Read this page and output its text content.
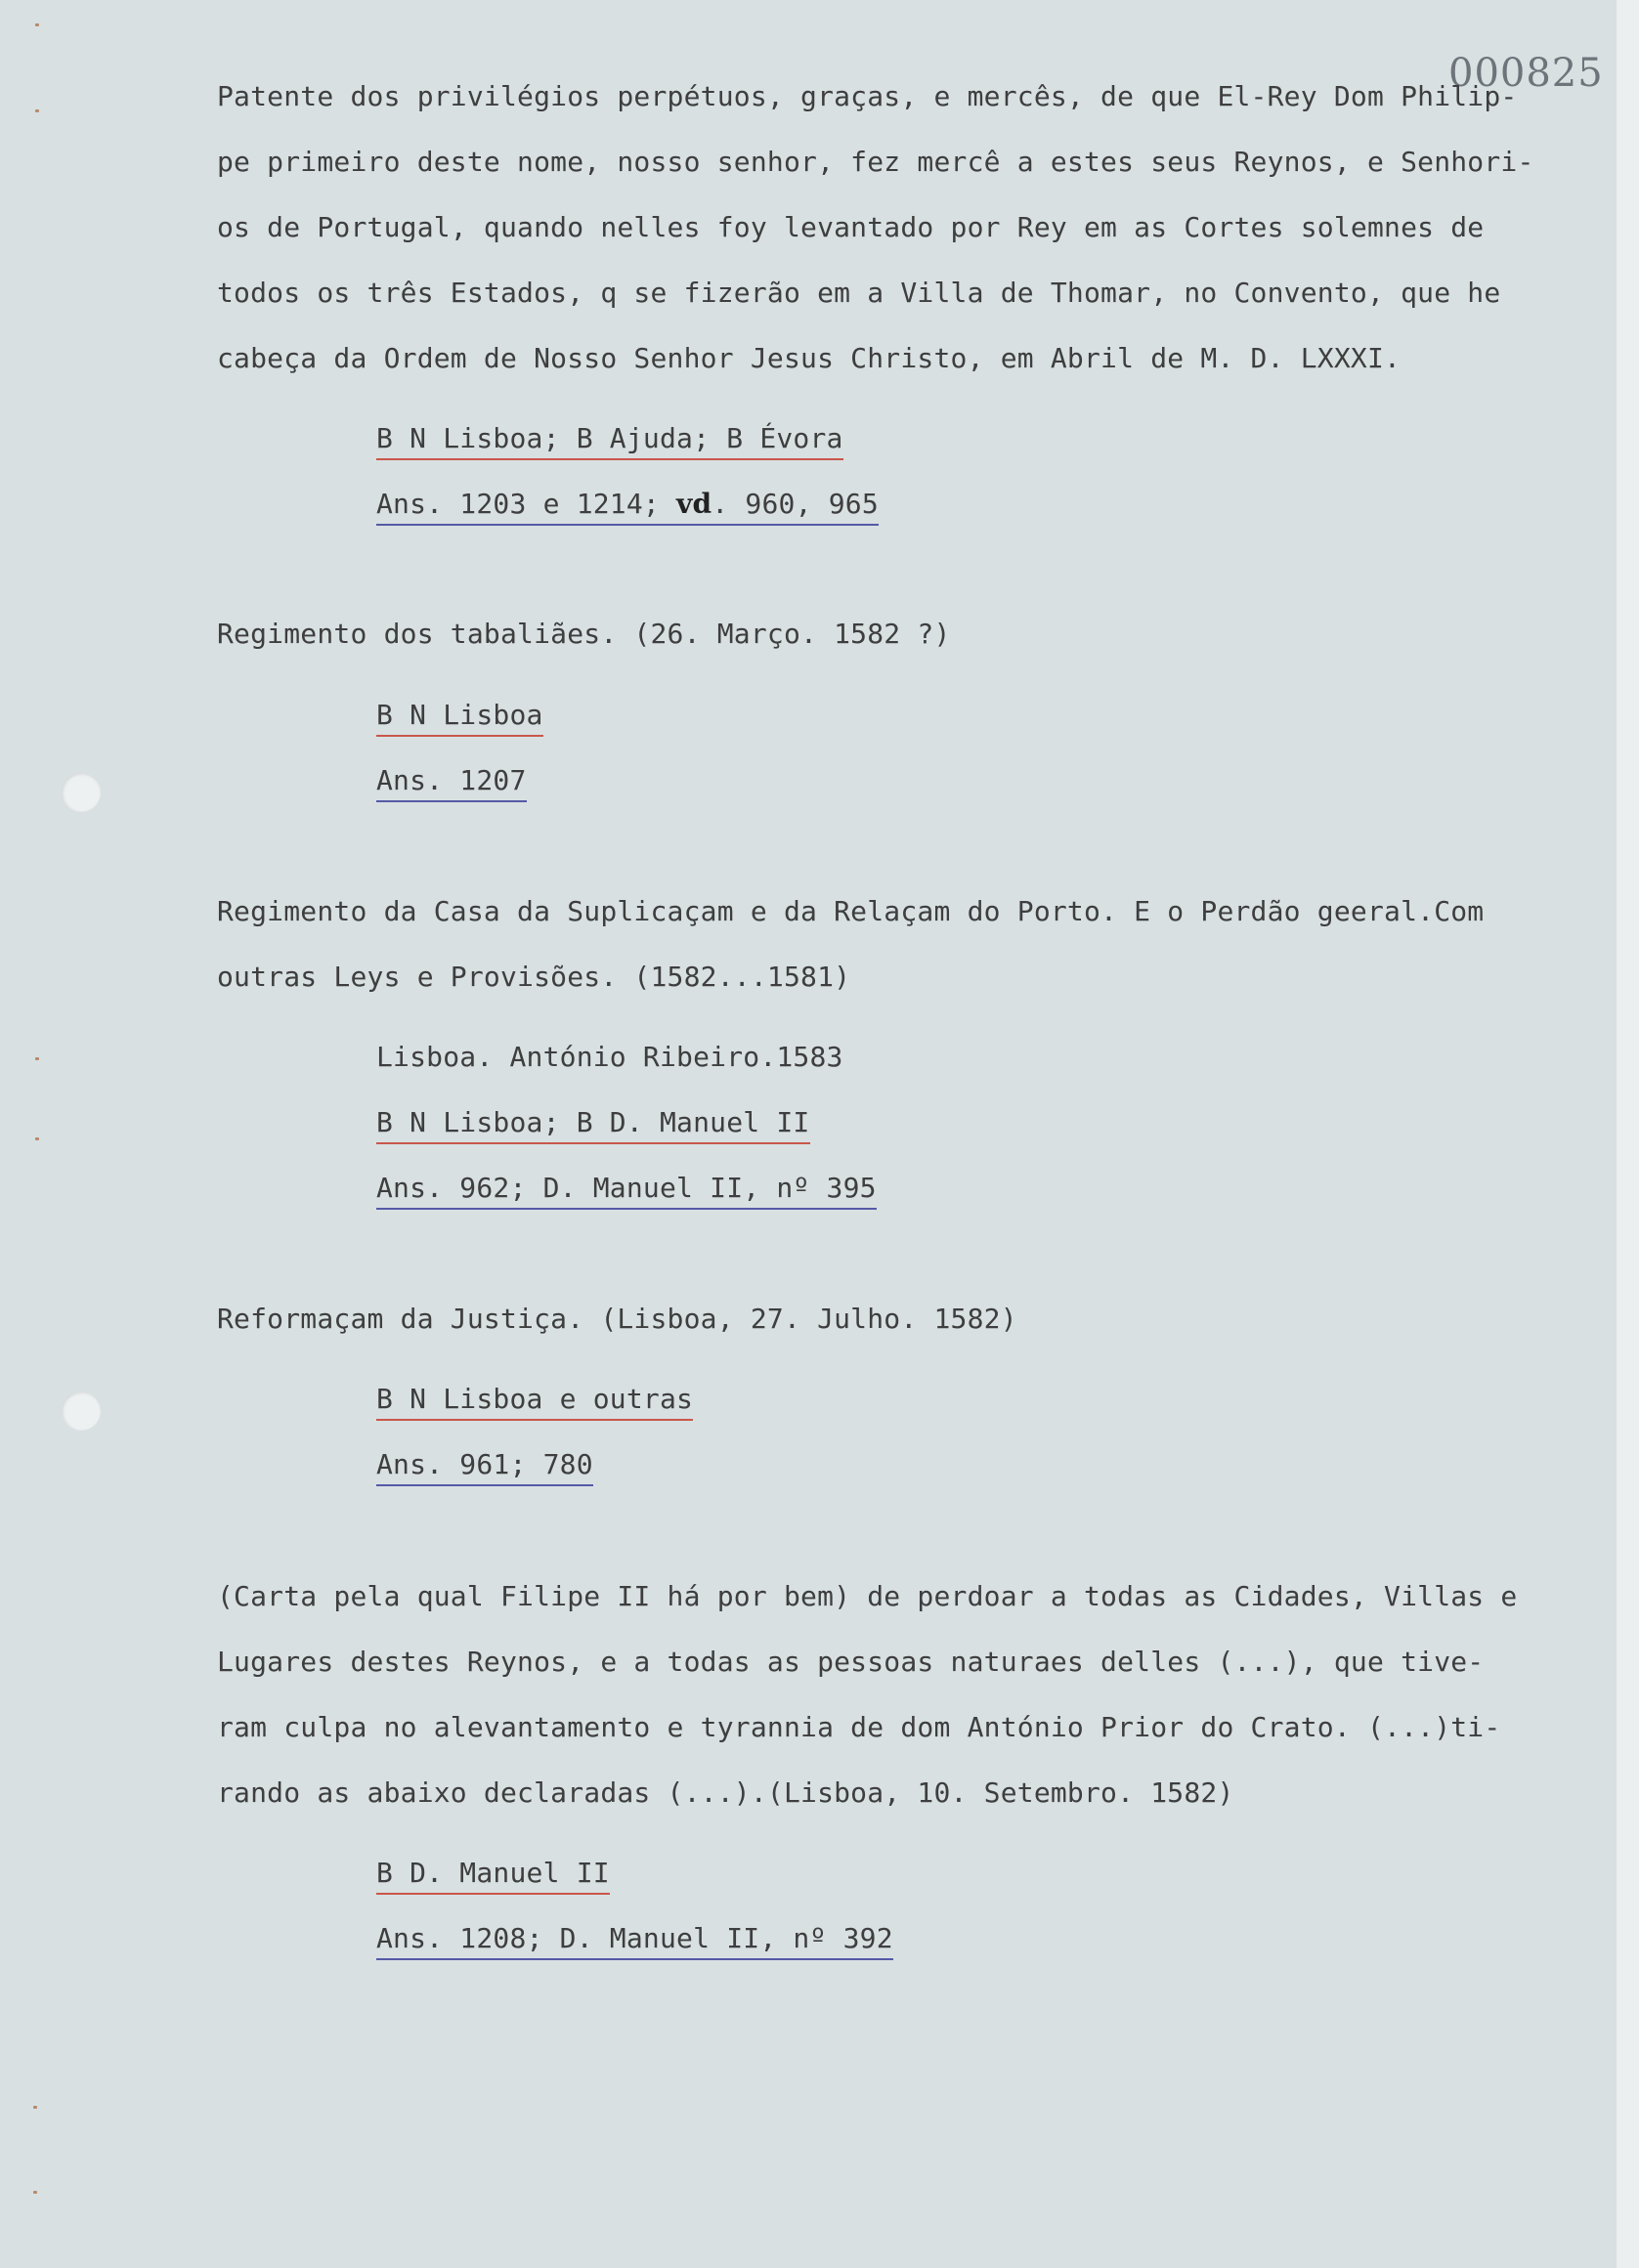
000825

Patente dos privilégios perpétuos, graças, e mercês, de que El-Rey Dom Philip-

pe primeiro deste nome, nosso senhor, fez mercê a estes seus Reynos, e Senhori-

os de Portugal, quando nelles foy levantado por Rey em as Cortes solemnes de

todos os três Estados, q se fizerão em a Villa de Thomar, no Convento, que he

cabeça da Ordem de Nosso Senhor Jesus Christo, em Abril de M. D. LXXXI.

B N Lisboa; B Ajuda; B Évora

Ans. 1203 e 1214; vd. 960, 965

Regimento dos tabaliães. (26. Março. 1582 ?)

B N Lisboa

Ans. 1207

Regimento da Casa da Suplicaçam e da Relaçam do Porto. E o Perdão geeral.Com

outras Leys e Provisões. (1582...1581)

Lisboa. António Ribeiro.1583

B N Lisboa; B D. Manuel II

Ans. 962; D. Manuel II, nº 395

Reformaçam da Justiça. (Lisboa, 27. Julho. 1582)

B N Lisboa e outras

Ans. 961; 780

(Carta pela qual Filipe II há por bem) de perdoar a todas as Cidades, Villas e

Lugares destes Reynos, e a todas as pessoas naturaes delles (...), que tive-

ram culpa no alevantamento e tyrannia de dom António Prior do Crato. (...)ti-

rando as abaixo declaradas (...).(Lisboa, 10. Setembro. 1582)

B D. Manuel II

Ans. 1208; D. Manuel II, nº 392
